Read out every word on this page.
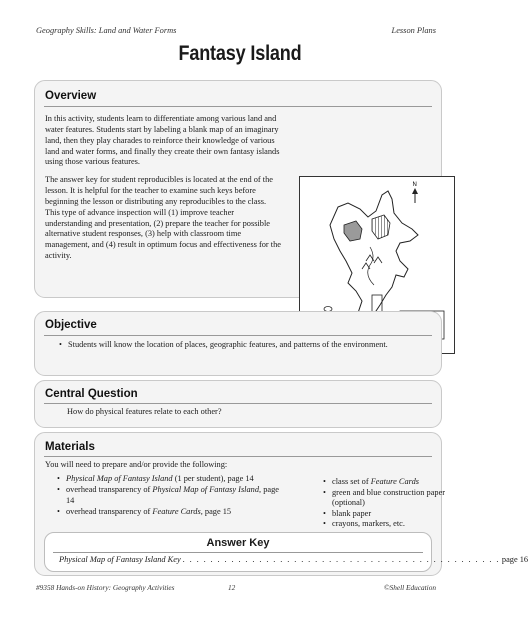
Geography Skills: Land and Water Forms	Lesson Plans
Fantasy Island
Overview

In this activity, students learn to differentiate among various land and water features. Students start by labeling a blank map of an imaginary land, then they play charades to reinforce their knowledge of various land and water forms, and finally they create their own fantasy islands using those various features.

The answer key for student reproducibles is located at the end of the lesson. It is helpful for the teacher to examine such keys before beginning the lesson or distributing any reproducibles to the class. This type of advance inspection will (1) improve teacher understanding and presentation, (2) prepare the teacher for possible alternative student responses, (3) help with classroom time management, and (4) result in optimum focus and effectiveness for the activity.

N
Objective
• Students will know the location of places, geographic features, and patterns of the environment.
Central Question
How do physical features relate to each other?
Materials
You will need to prepare and/or provide the following:
• Physical Map of Fantasy Island (1 per student), page 14
• overhead transparency of Physical Map of Fantasy Island, page 14
• overhead transparency of Feature Cards, page 15
• class set of Feature Cards
• green and blue construction paper (optional)
• blank paper
• crayons, markers, etc.
Answer Key
Physical Map of Fantasy Island Key . . . . . . . . . . . . . . . . . . . . . . . . . . . . . . . . . . . . . . . . . . . . . . page 16
#9358 Hands-on History: Geography Activities	12	©Shell Education
